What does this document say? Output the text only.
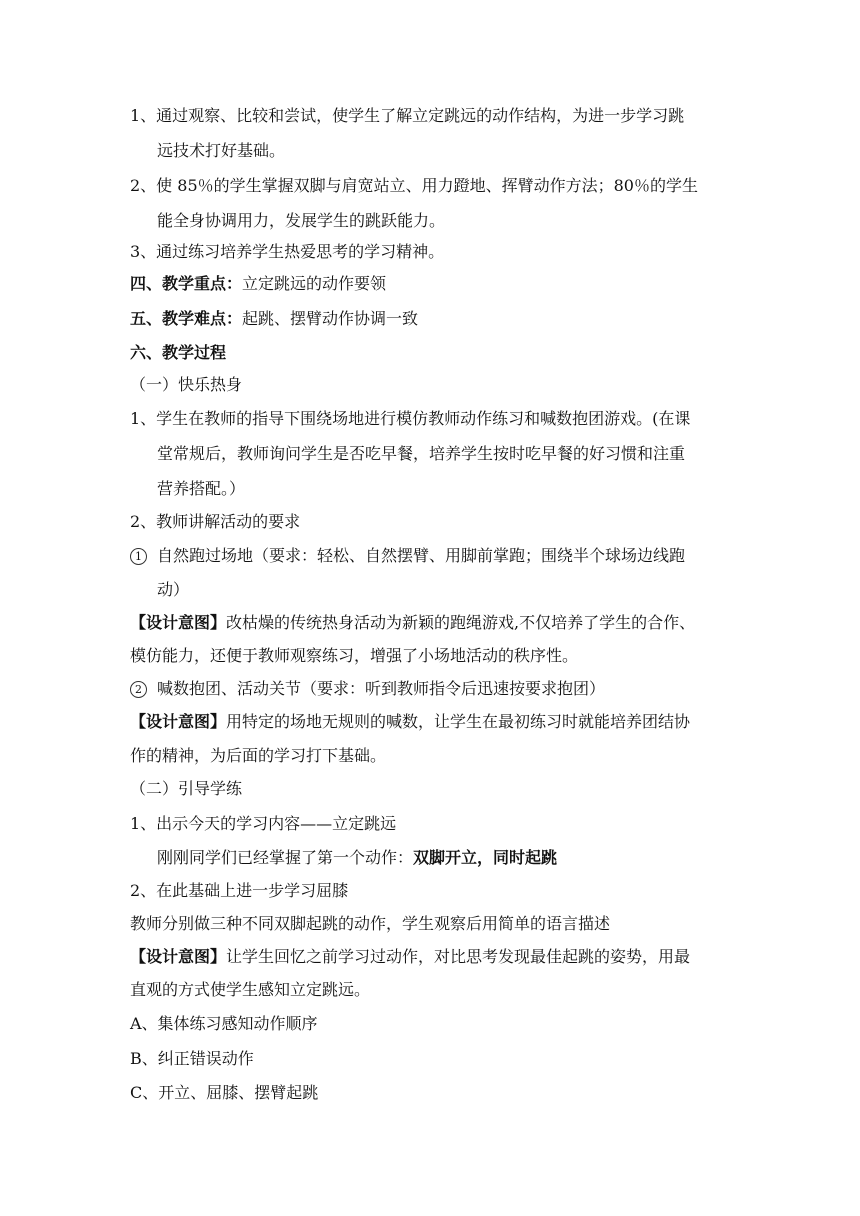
1、通过观察、比较和尝试，使学生了解立定跳远的动作结构，为进一步学习跳
远技术打好基础。
2、使 85％的学生掌握双脚与肩宽站立、用力蹬地、挥臂动作方法；80％的学生
能全身协调用力，发展学生的跳跃能力。
3、通过练习培养学生热爱思考的学习精神。
四、教学重点：立定跳远的动作要领
五、教学难点：起跳、摆臂动作协调一致
六、教学过程
（一）快乐热身
1、学生在教师的指导下围绕场地进行模仿教师动作练习和喊数抱团游戏。(在课
堂常规后，教师询问学生是否吃早餐，培养学生按时吃早餐的好习惯和注重
营养搭配。）
2、教师讲解活动的要求
1 自然跑过场地（要求：轻松、自然摆臂、用脚前掌跑；围绕半个球场边线跑
动）
【设计意图】改枯燥的传统热身活动为新颖的跑绳游戏,不仅培养了学生的合作、
模仿能力，还便于教师观察练习，增强了小场地活动的秩序性。
2 喊数抱团、活动关节（要求：听到教师指令后迅速按要求抱团）
【设计意图】用特定的场地无规则的喊数，让学生在最初练习时就能培养团结协
作的精神，为后面的学习打下基础。
（二）引导学练
1、出示今天的学习内容——立定跳远
刚刚同学们已经掌握了第一个动作：双脚开立，同时起跳
2、在此基础上进一步学习屈膝
教师分别做三种不同双脚起跳的动作，学生观察后用简单的语言描述
【设计意图】让学生回忆之前学习过动作，对比思考发现最佳起跳的姿势，用最
直观的方式使学生感知立定跳远。
A、集体练习感知动作顺序
B、纠正错误动作
C、开立、屈膝、摆臂起跳
